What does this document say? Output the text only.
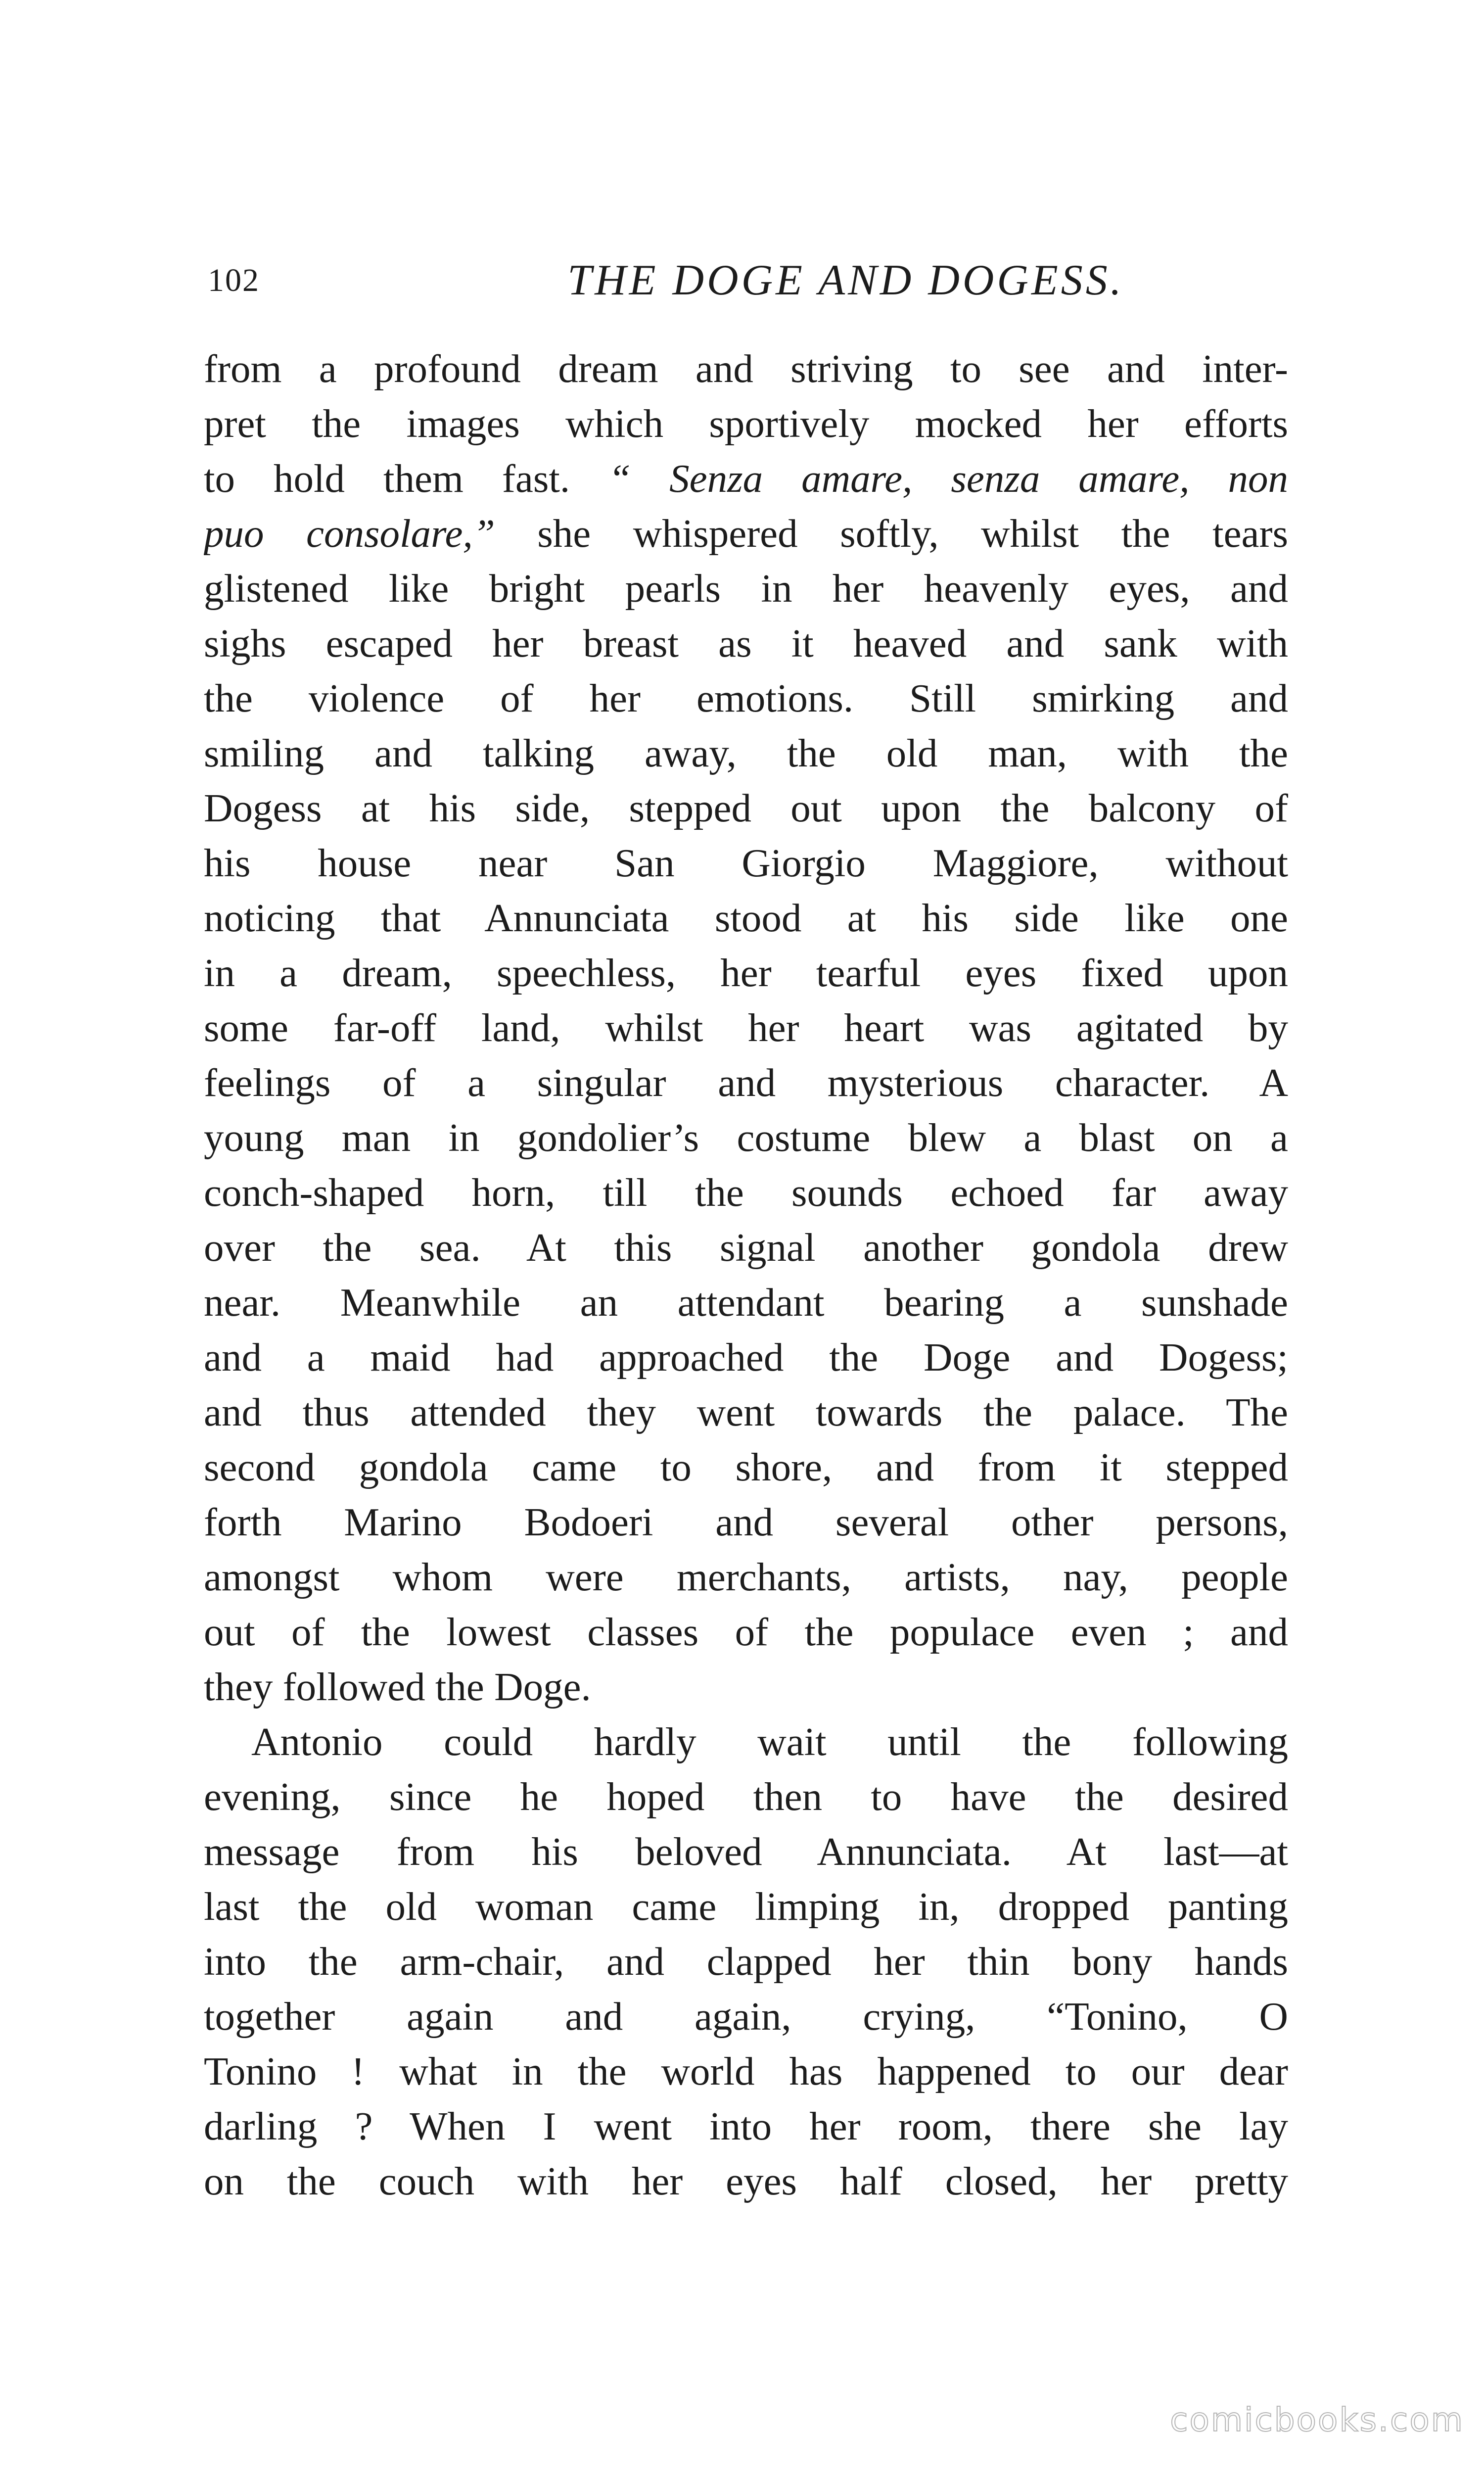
102	THE DOGE AND DOGESS.
from a profound dream and striving to see and inter-
pret the images which sportively mocked her efforts
to hold them fast. “ Senza amare, senza amare, non
puo consolare,” she whispered softly, whilst the tears
glistened like bright pearls in her heavenly eyes, and
sighs escaped her breast as it heaved and sank with
the violence of her emotions. Still smirking and
smiling and talking away, the old man, with the
Dogess at his side, stepped out upon the balcony of
his house near San Giorgio Maggiore, without
noticing that Annunciata stood at his side like one
in a dream, speechless, her tearful eyes fixed upon
some far-off land, whilst her heart was agitated by
feelings of a singular and mysterious character. A
young man in gondolier’s costume blew a blast on a
conch-shaped horn, till the sounds echoed far away
over the sea. At this signal another gondola drew
near. Meanwhile an attendant bearing a sunshade
and a maid had approached the Doge and Dogess;
and thus attended they went towards the palace. The
second gondola came to shore, and from it stepped
forth Marino Bodoeri and several other persons,
amongst whom were merchants, artists, nay, people
out of the lowest classes of the populace even ; and
they followed the Doge.
Antonio could hardly wait until the following
evening, since he hoped then to have the desired
message from his beloved Annunciata. At last—at
last the old woman came limping in, dropped panting
into the arm-chair, and clapped her thin bony hands
together again and again, crying, “Tonino, O
Tonino ! what in the world has happened to our dear
darling ? When I went into her room, there she lay
on the couch with her eyes half closed, her pretty
comicbooks.com
